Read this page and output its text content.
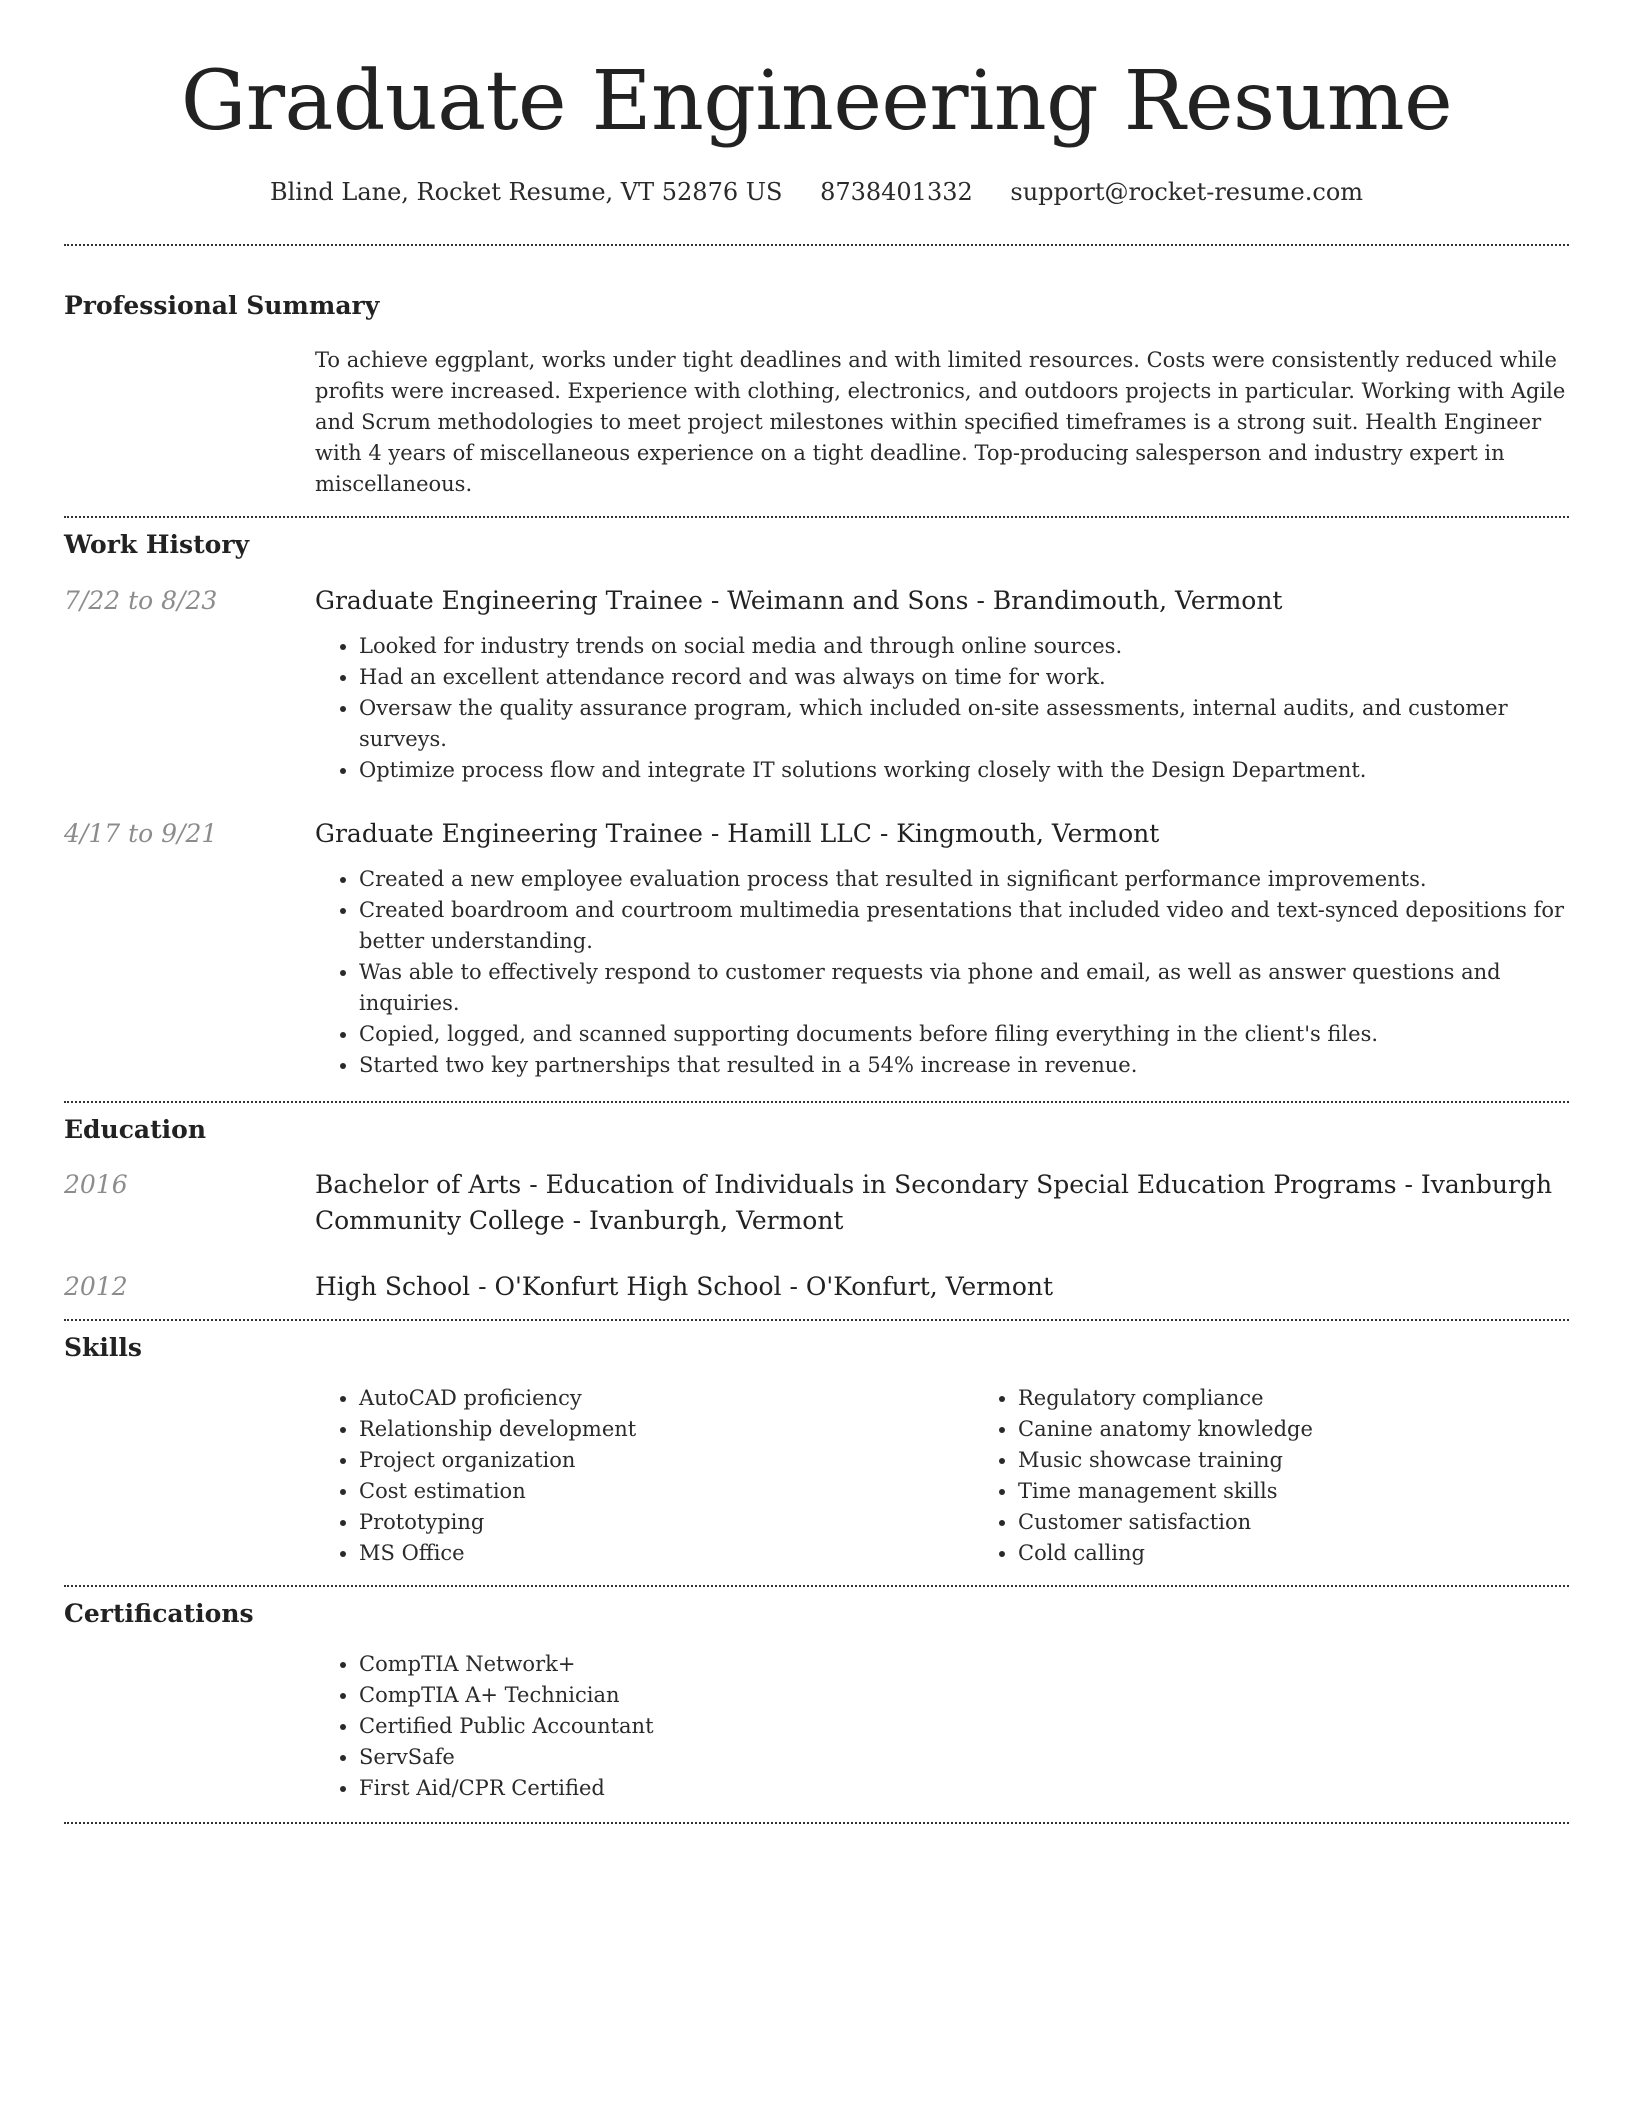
Graduate Engineering Resume
Blind Lane, Rocket Resume, VT 52876 US 8738401332 support@rocket-resume.com
Professional Summary
To achieve eggplant, works under tight deadlines and with limited resources. Costs were consistently reduced while profits were increased. Experience with clothing, electronics, and outdoors projects in particular. Working with Agile and Scrum methodologies to meet project milestones within specified timeframes is a strong suit. Health Engineer with 4 years of miscellaneous experience on a tight deadline. Top-producing salesperson and industry expert in miscellaneous.
Work History
7/22 to 8/23	Graduate Engineering Trainee - Weimann and Sons - Brandimouth, Vermont
• Looked for industry trends on social media and through online sources.
• Had an excellent attendance record and was always on time for work.
• Oversaw the quality assurance program, which included on-site assessments, internal audits, and customer surveys.
• Optimize process flow and integrate IT solutions working closely with the Design Department.
4/17 to 9/21	Graduate Engineering Trainee - Hamill LLC - Kingmouth, Vermont
• Created a new employee evaluation process that resulted in significant performance improvements.
• Created boardroom and courtroom multimedia presentations that included video and text-synced depositions for better understanding.
• Was able to effectively respond to customer requests via phone and email, as well as answer questions and inquiries.
• Copied, logged, and scanned supporting documents before filing everything in the client's files.
• Started two key partnerships that resulted in a 54% increase in revenue.
Education
2016	Bachelor of Arts - Education of Individuals in Secondary Special Education Programs - Ivanburgh Community College - Ivanburgh, Vermont
2012	High School - O'Konfurt High School - O'Konfurt, Vermont
Skills
• AutoCAD proficiency
• Relationship development
• Project organization
• Cost estimation
• Prototyping
• MS Office
• Regulatory compliance
• Canine anatomy knowledge
• Music showcase training
• Time management skills
• Customer satisfaction
• Cold calling
Certifications
• CompTIA Network+
• CompTIA A+ Technician
• Certified Public Accountant
• ServSafe
• First Aid/CPR Certified
